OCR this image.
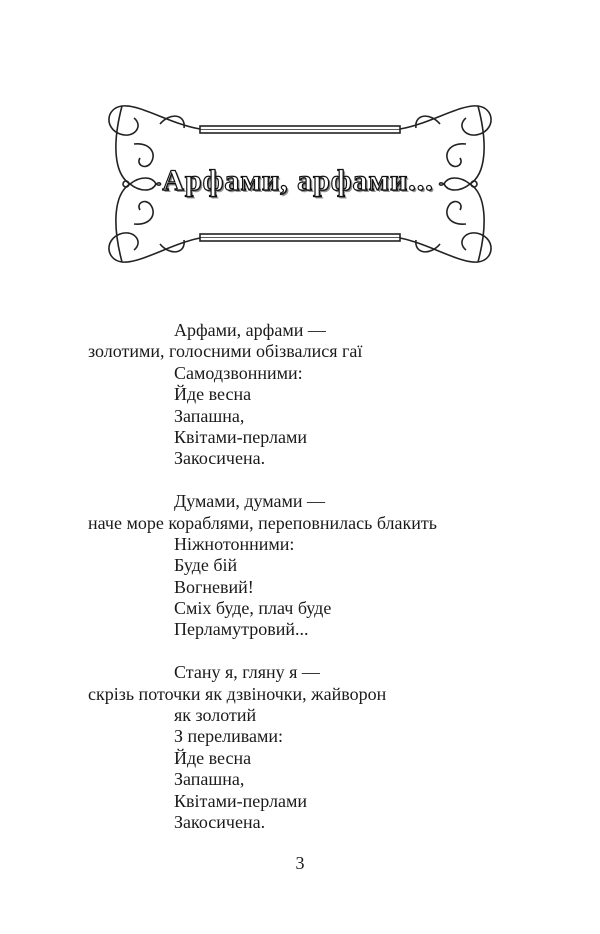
Арфами, арфами...
Арфами, арфами —
золотими, голосними обізвалися гаї
Самодзвонними:
Йде весна
Запашна,
Квітами-перлами
Закосичена.
Думами, думами —
наче море кораблями, переповнилась блакить
Ніжнотонними:
Буде бій
Вогневий!
Сміх буде, плач буде
Перламутровий...
Стану я, гляну я —
скрізь поточки як дзвіночки, жайворон
як золотий
З переливами:
Йде весна
Запашна,
Квітами-перлами
Закосичена.
3
